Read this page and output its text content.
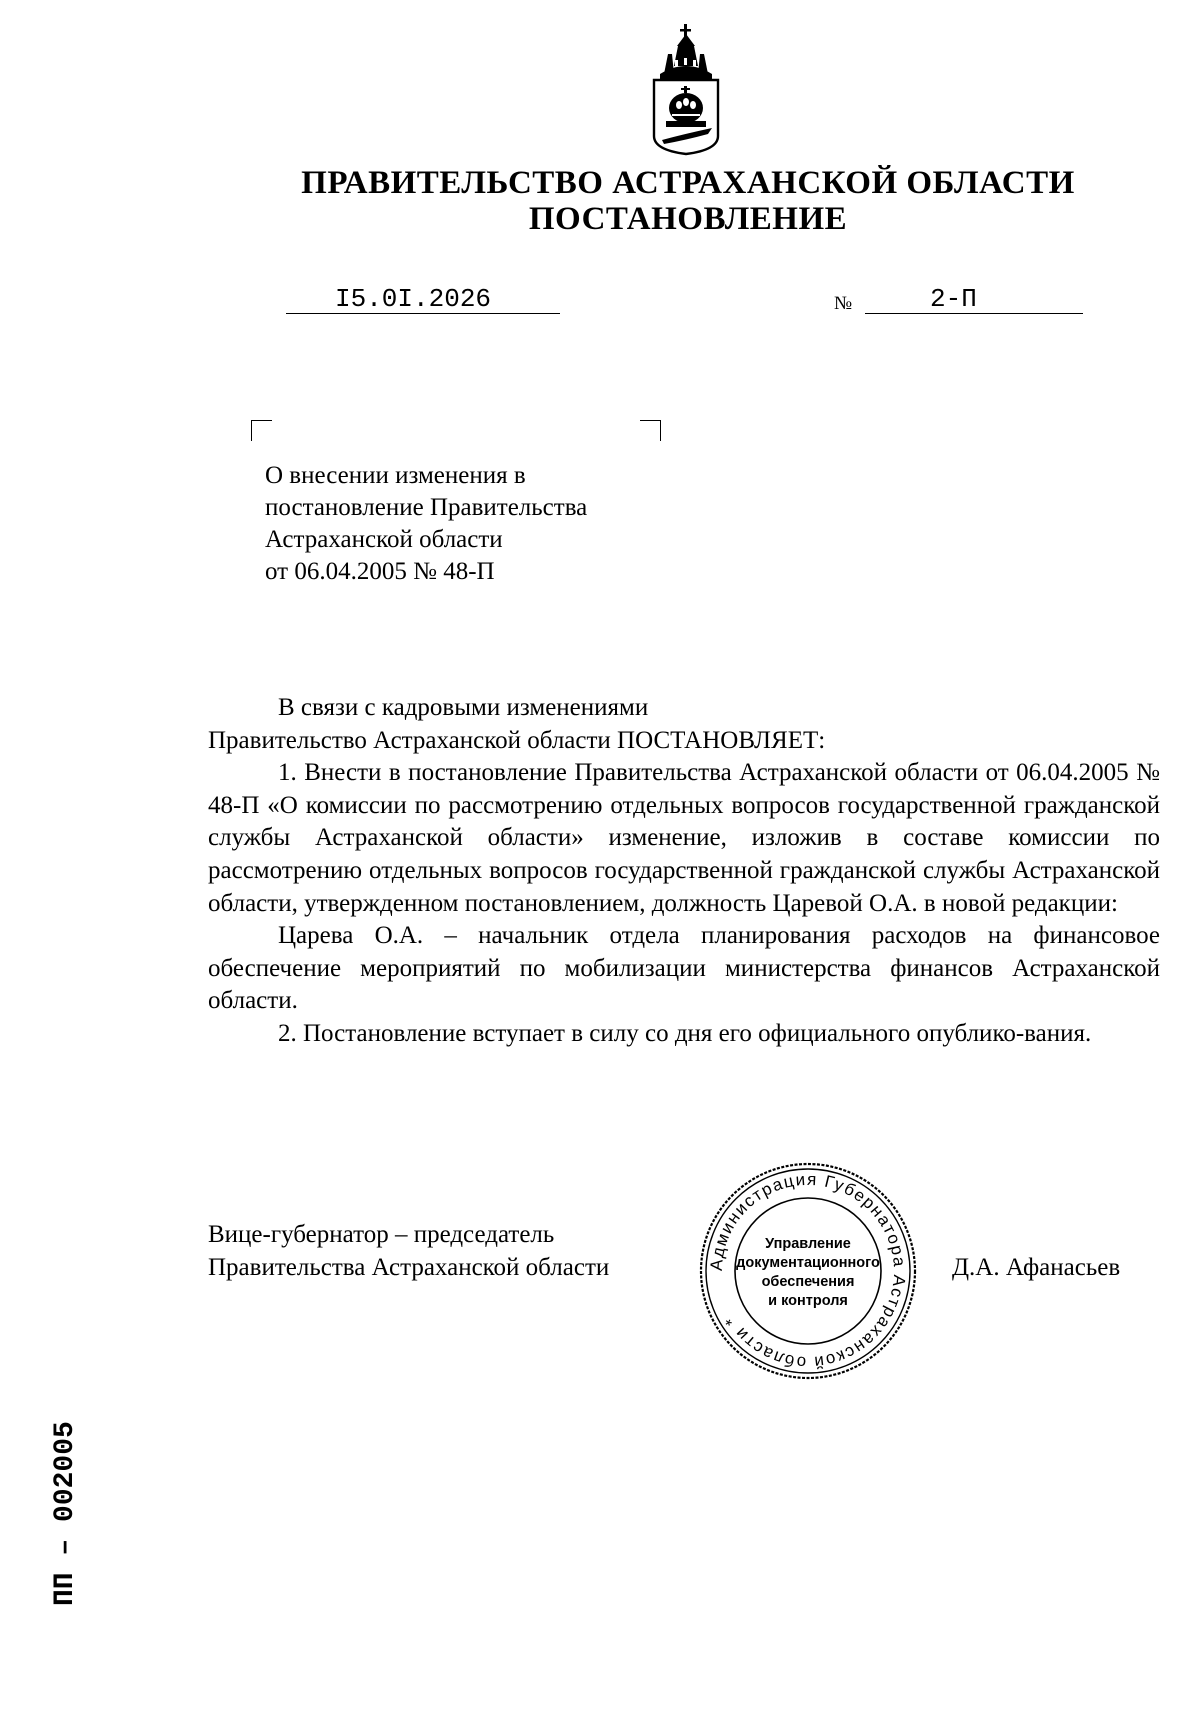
ПРАВИТЕЛЬСТВО АСТРАХАНСКОЙ ОБЛАСТИ
ПОСТАНОВЛЕНИЕ
I5.0I.2026	№	2-П
О внесении изменения в
постановление Правительства
Астраханской области
от 06.04.2005 № 48-П

В связи с кадровыми изменениями

Правительство Астраханской области ПОСТАНОВЛЯЕТ:

1. Внести в постановление Правительства Астраханской области от 06.04.2005 № 48-П «О комиссии по рассмотрению отдельных вопросов государственной гражданской службы Астраханской области» изменение, изложив в составе комиссии по рассмотрению отдельных вопросов государственной гражданской службы Астраханской области, утвержденном постановлением, должность Царевой О.А. в новой редакции:

Царева О.А. – начальник отдела планирования расходов на финансовое обеспечение мероприятий по мобилизации министерства финансов Астраханской области.

2. Постановление вступает в силу со дня его официального опублико-вания.

Вице-губернатор – председатель
Правительства Астраханской области	Д.А. Афанасьев
Администрация Губернатора Астраханской области *
Управление
документационного
обеспечения
и контроля
ПП – 002005
